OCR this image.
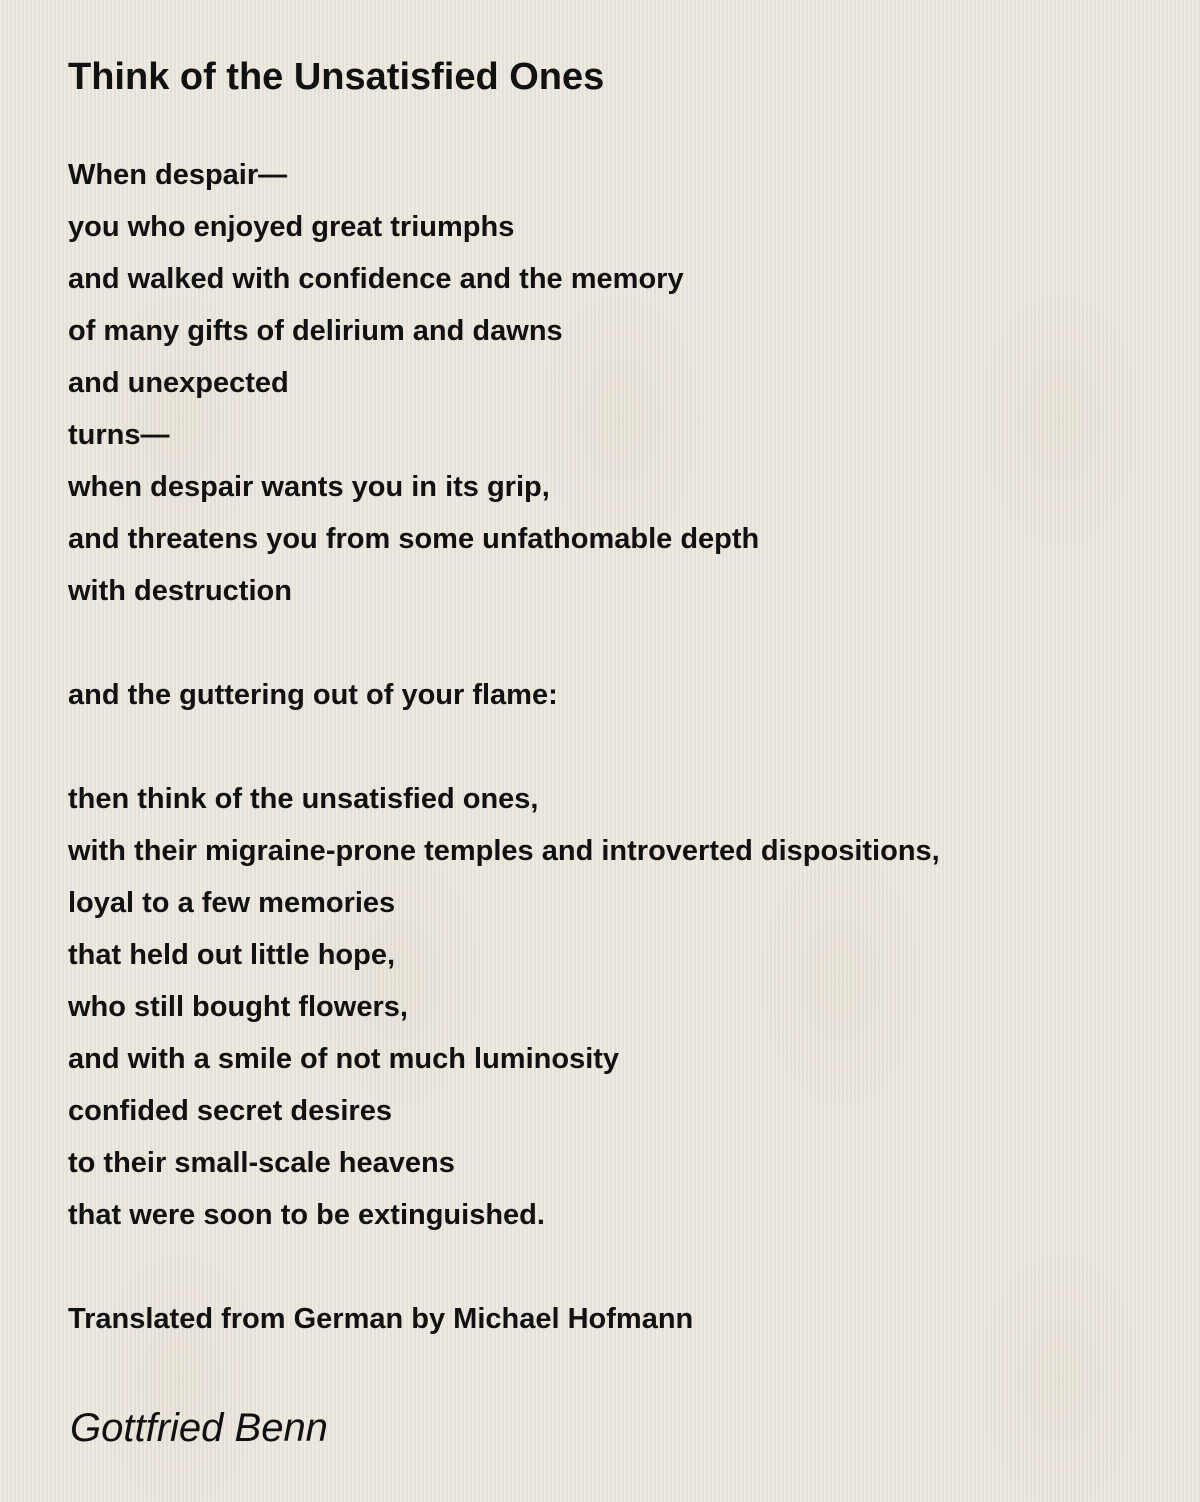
Think of the Unsatisfied Ones
When despair—
you who enjoyed great triumphs
and walked with confidence and the memory
of many gifts of delirium and dawns
and unexpected
turns—
when despair wants you in its grip,
and threatens you from some unfathomable depth
with destruction
and the guttering out of your flame:
then think of the unsatisfied ones,
with their migraine-prone temples and introverted dispositions,
loyal to a few memories
that held out little hope,
who still bought flowers,
and with a smile of not much luminosity
confided secret desires
to their small-scale heavens
that were soon to be extinguished.
Translated from German by Michael Hofmann
Gottfried Benn
